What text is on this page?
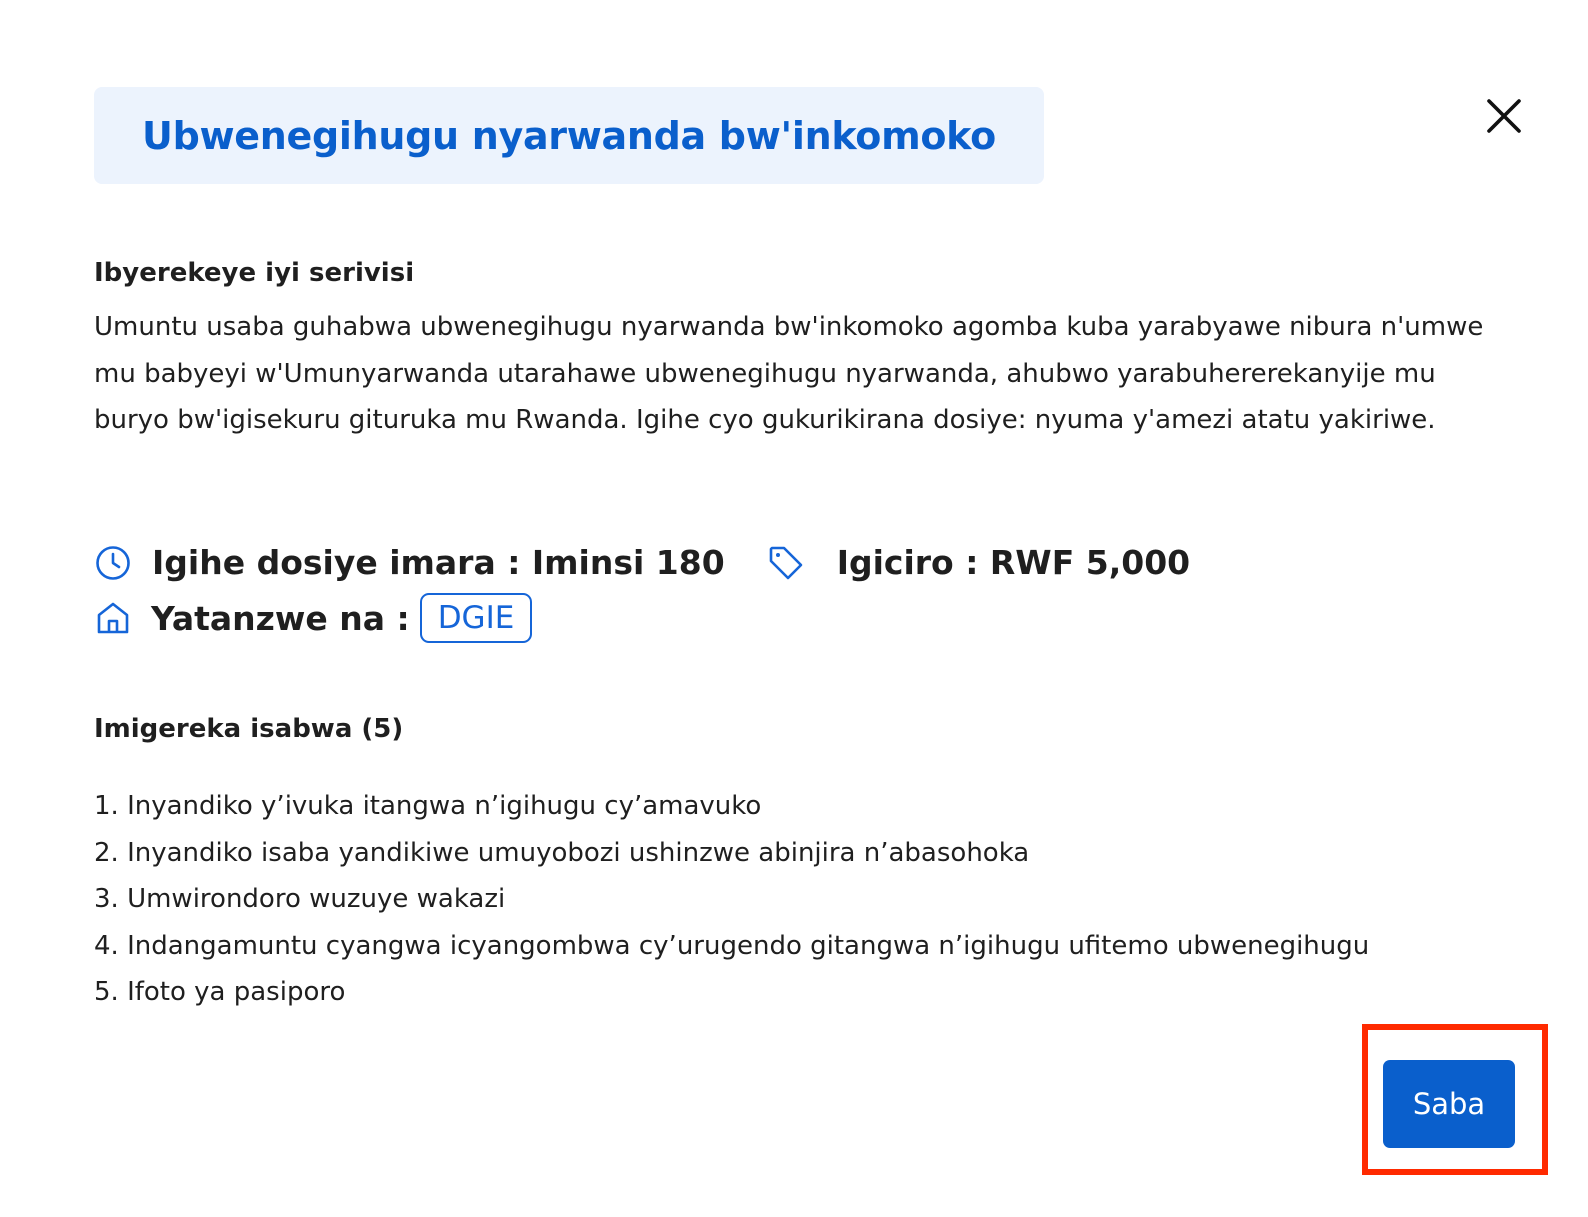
Ubwenegihugu nyarwanda bw'inkomoko
Ibyerekeye iyi serivisi
Umuntu usaba guhabwa ubwenegihugu nyarwanda bw'inkomoko agomba kuba yarabyawe nibura n'umwe mu babyeyi w'Umunyarwanda utarahawe ubwenegihugu nyarwanda, ahubwo yarabuhererekanyije mu buryo bw'igisekuru gituruka mu Rwanda. Igihe cyo gukurikirana dosiye: nyuma y'amezi atatu yakiriwe.
Igihe dosiye imara : Iminsi 180	Igiciro : RWF 5,000
Yatanzwe na : DGIE
Imigereka isabwa (5)
1. Inyandiko y’ivuka itangwa n’igihugu cy’amavuko
2. Inyandiko isaba yandikiwe umuyobozi ushinzwe abinjira n’abasohoka
3. Umwirondoro wuzuye wakazi
4. Indangamuntu cyangwa icyangombwa cy’urugendo gitangwa n’igihugu ufitemo ubwenegihugu
5. Ifoto ya pasiporo
Saba
